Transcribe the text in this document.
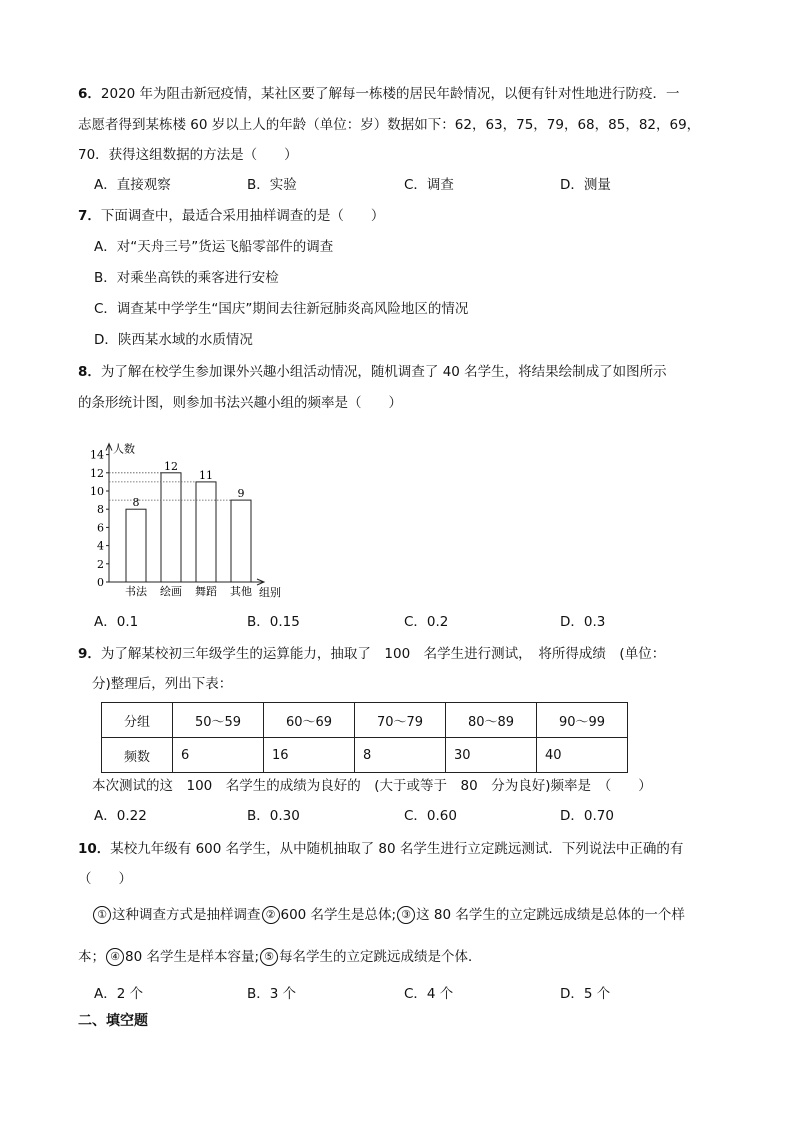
6．2020 年为阻击新冠疫情，某社区要了解每一栋楼的居民年龄情况，以便有针对性地进行防疫．一
志愿者得到某栋楼 60 岁以上人的年龄（单位：岁）数据如下：62，63，75，79，68，85，82，69，
70．获得这组数据的方法是（　　）
A．直接观察	B．实验	C．调查	D．测量
7．下面调查中，最适合采用抽样调查的是（　　）
A．对“天舟三号”货运飞船零部件的调查
B．对乘坐高铁的乘客进行安检
C．调查某中学学生“国庆”期间去往新冠肺炎高风险地区的情况
D．陕西某水域的水质情况
8．为了解在校学生参加课外兴趣小组活动情况，随机调查了 40 名学生，将结果绘制成了如图所示
的条形统计图，则参加书法兴趣小组的频率是（　　）
0
2
4
6
8
10
12
14 人数
组别
8
书法
12
绘画
11
舞蹈
9
其他
A．0.1	B．0.15	C．0.2	D．0.3
9．为了解某校初三年级学生的运算能力，抽取了　100　名学生进行测试，　将所得成绩　(单位：
分)整理后，列出下表：
分组	50～59	60～69	70～79	80～89	90～99
频数	6	16	8	30	40
本次测试的这　100　名学生的成绩为良好的　(大于或等于　80　分为良好)频率是　（　　）
A．0.22	B．0.30	C．0.60	D．0.70
10．某校九年级有 600 名学生，从中随机抽取了 80 名学生进行立定跳远测试．下列说法中正确的有
（　　）
① 这种调查方式是抽样调查 ② 600 名学生是总体; ③ 这 80 名学生的立定跳远成绩是总体的一个样
本； ④ 80 名学生是样本容量; ⑤ 每名学生的立定跳远成绩是个体．
A．2 个	B．3 个	C．4 个	D．5 个
二、填空题
